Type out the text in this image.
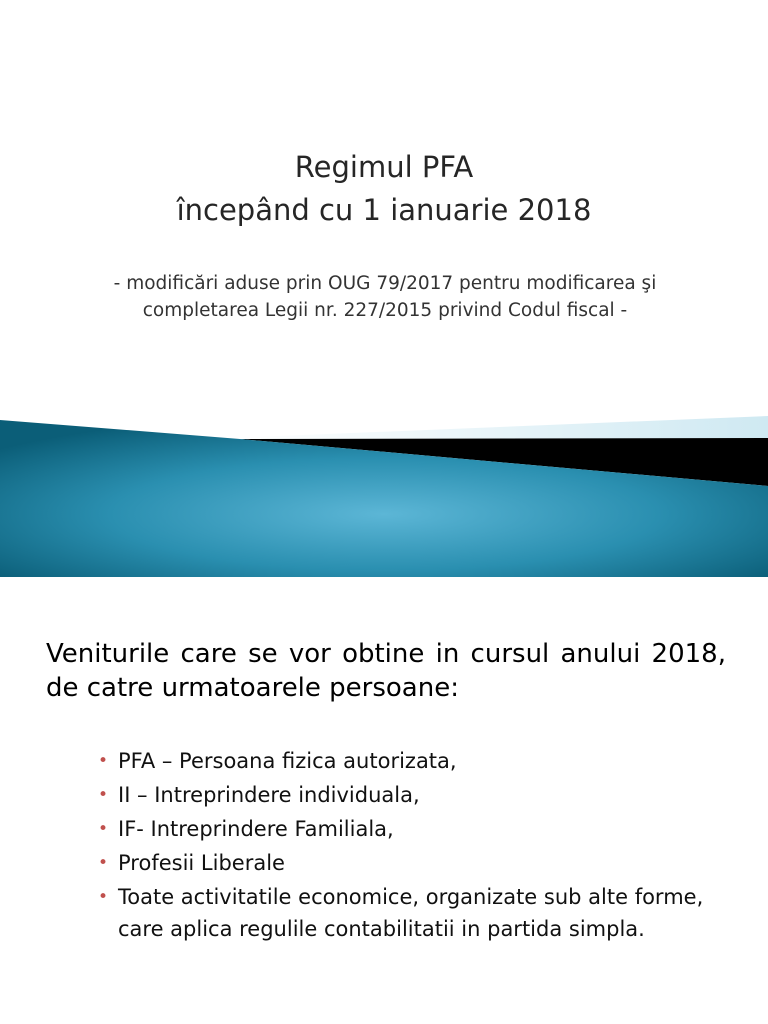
Regimul PFA
începând cu 1 ianuarie 2018
- modificări aduse prin OUG 79/2017 pentru modificarea şi
completarea Legii nr. 227/2015 privind Codul fiscal -
Veniturile care se vor obtine in cursul anului 2018, de catre urmatoarele persoane:
• PFA – Persoana fizica autorizata,
• II – Intreprindere individuala,
• IF- Intreprindere Familiala,
• Profesii Liberale
• Toate activitatile economice, organizate sub alte forme, care aplica regulile contabilitatii in partida simpla.
